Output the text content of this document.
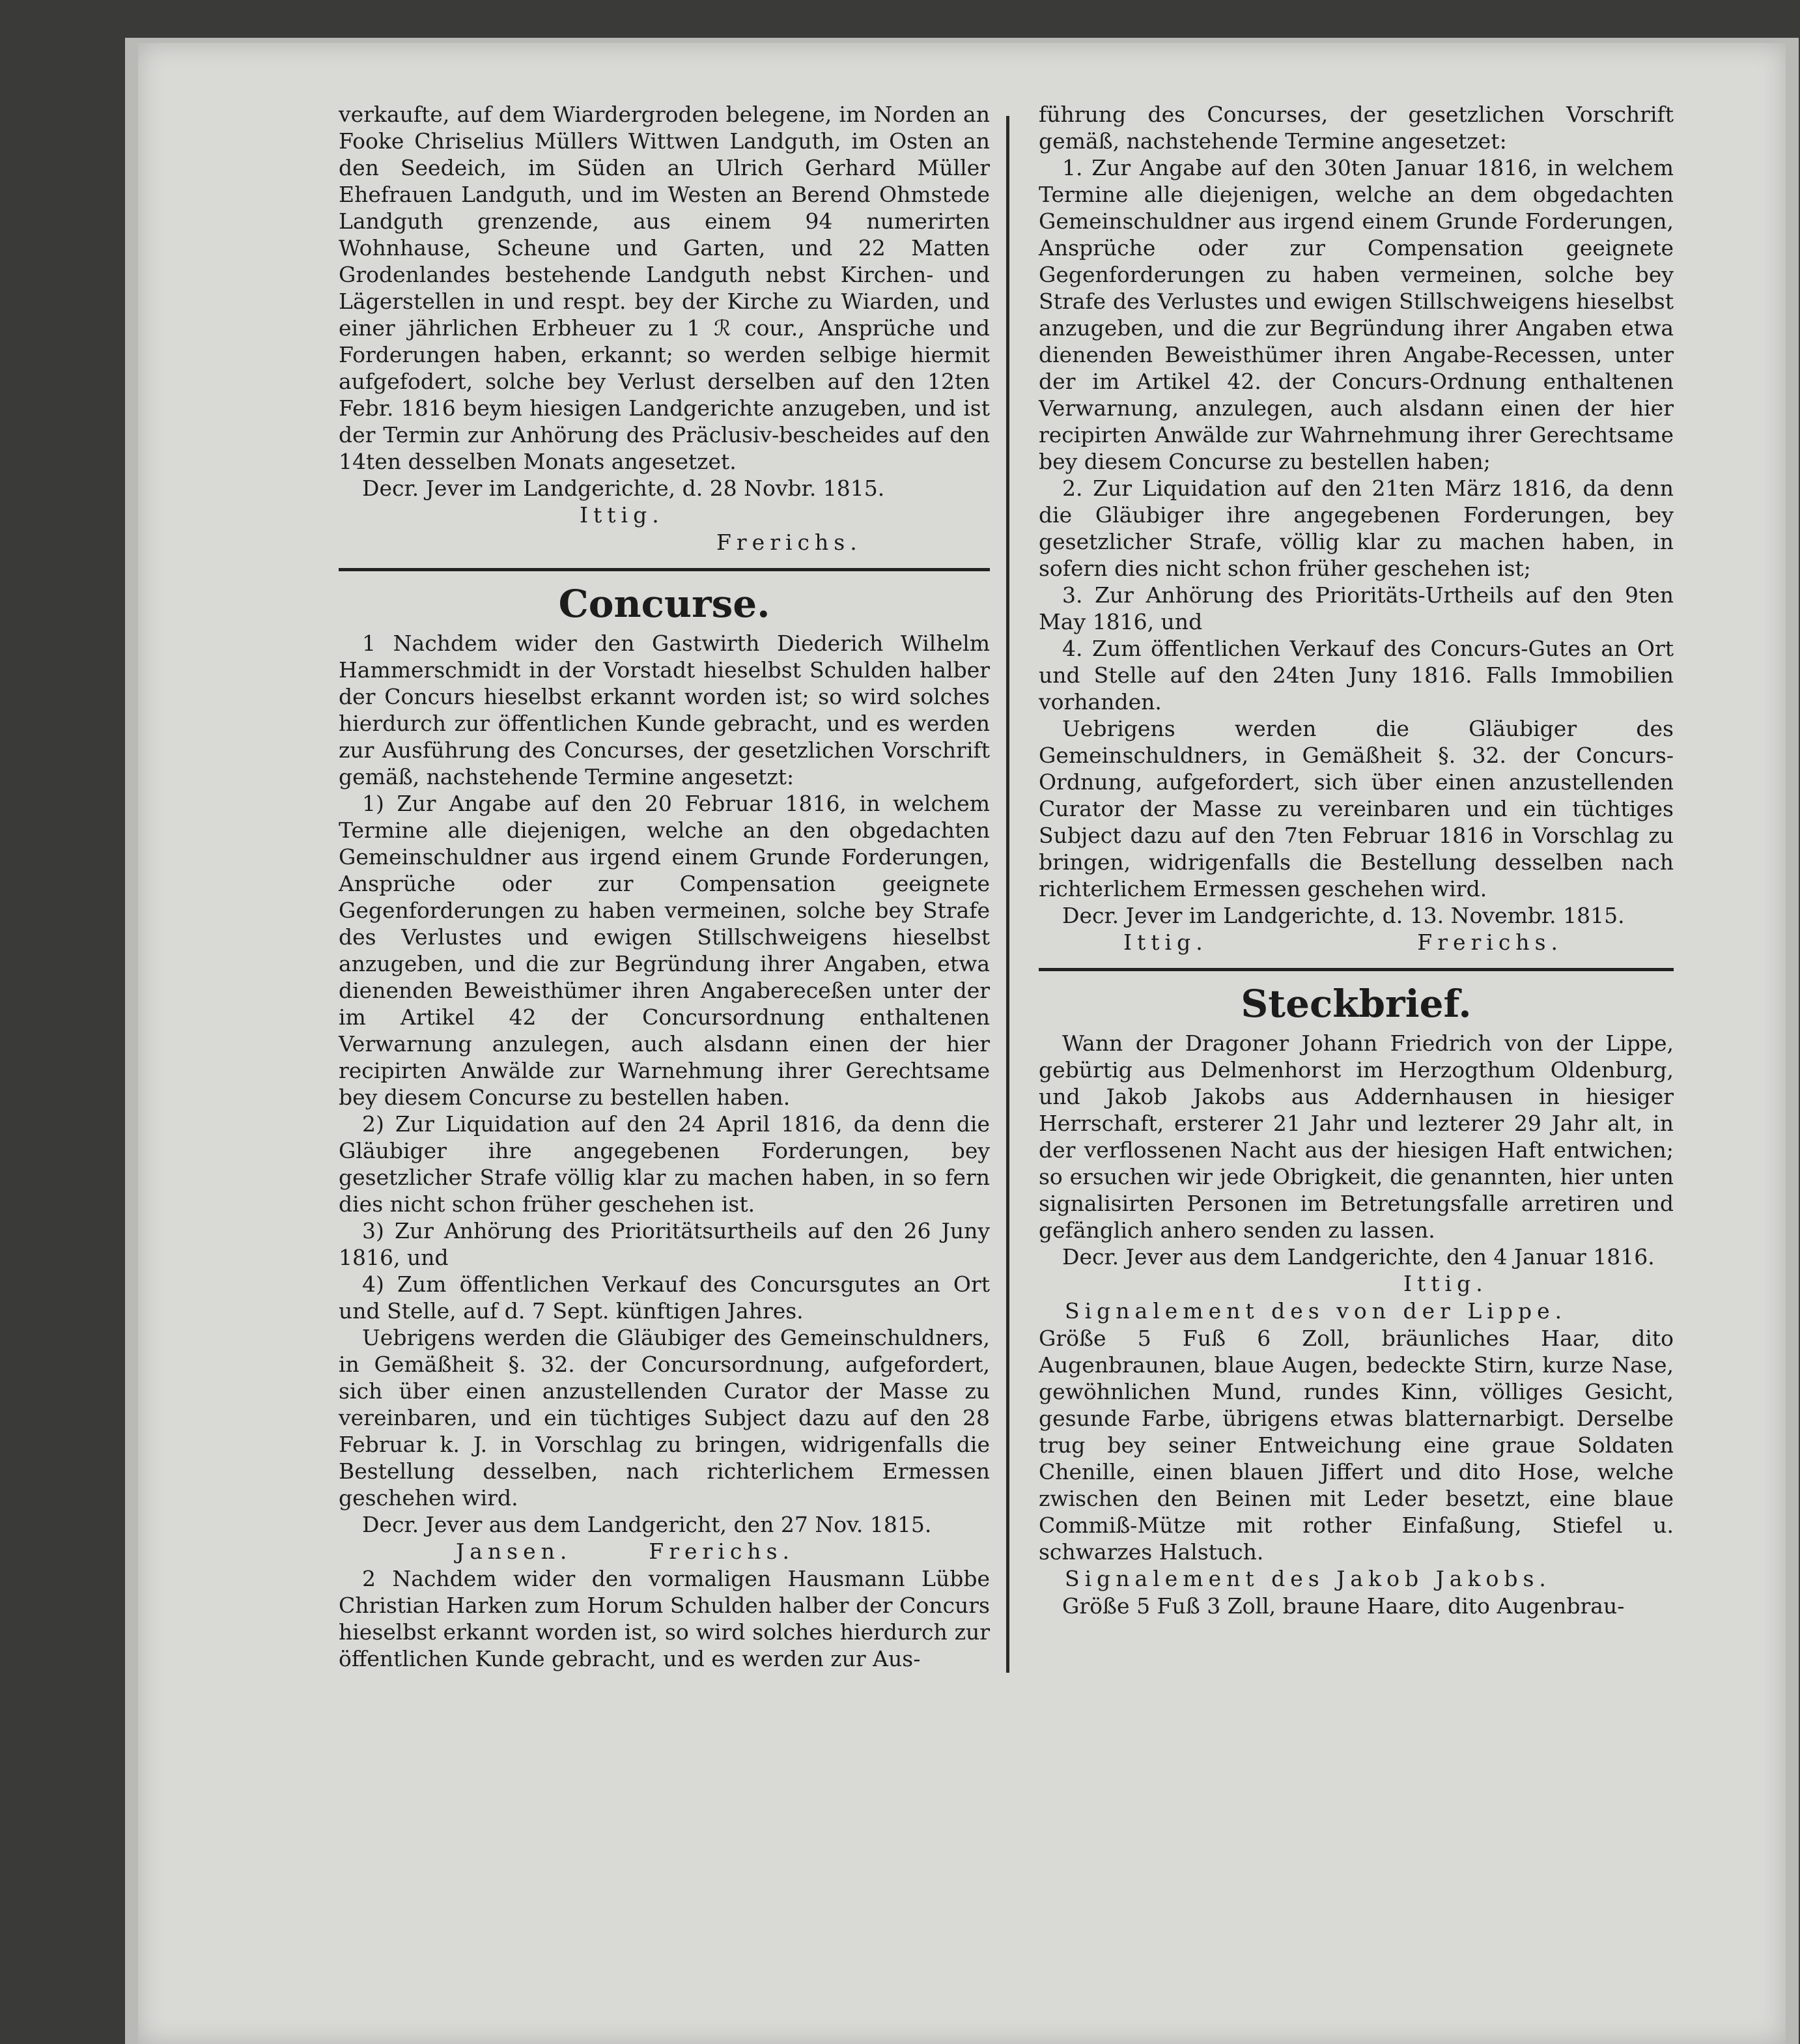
verkaufte, auf dem Wiardergroden belegene, im Norden an Fooke Chriselius Müllers Wittwen Landguth, im Osten an den Seedeich, im Süden an Ulrich Gerhard Müller Ehefrauen Landguth, und im Westen an Berend Ohmstede Landguth grenzende, aus einem 94 numerirten Wohnhause, Scheune und Garten, und 22 Matten Grodenlandes bestehende Landguth nebst Kirchen- und Lägerstellen in und respt. bey der Kirche zu Wiarden, und einer jährlichen Erbheuer zu 1 ℛ cour., Ansprüche und Forderungen haben, erkannt; so werden selbige hiermit aufgefodert, solche bey Verlust derselben auf den 12ten Febr. 1816 beym hiesigen Landgerichte anzugeben, und ist der Termin zur Anhörung des Präclusiv-bescheides auf den 14ten desselben Monats angesetzet.

Decr. Jever im Landgerichte, d. 28 Novbr. 1815.

Ittig.
Frerichs.
Concurse.

1 Nachdem wider den Gastwirth Diederich Wilhelm Hammerschmidt in der Vorstadt hieselbst Schulden halber der Concurs hieselbst erkannt worden ist; so wird solches hierdurch zur öffentlichen Kunde gebracht, und es werden zur Ausführung des Concurses, der gesetzlichen Vorschrift gemäß, nachstehende Termine angesetzt:

1) Zur Angabe auf den 20 Februar 1816, in welchem Termine alle diejenigen, welche an den obgedachten Gemeinschuldner aus irgend einem Grunde Forderungen, Ansprüche oder zur Compensation geeignete Gegenforderungen zu haben vermeinen, solche bey Strafe des Verlustes und ewigen Stillschweigens hieselbst anzugeben, und die zur Begründung ihrer Angaben, etwa dienenden Beweisthümer ihren Angabereceßen unter der im Artikel 42 der Concursordnung enthaltenen Verwarnung anzulegen, auch alsdann einen der hier recipirten Anwälde zur Warnehmung ihrer Gerechtsame bey diesem Concurse zu bestellen haben.

2) Zur Liquidation auf den 24 April 1816, da denn die Gläubiger ihre angegebenen Forderungen, bey gesetzlicher Strafe völlig klar zu machen haben, in so fern dies nicht schon früher geschehen ist.

3) Zur Anhörung des Prioritätsurtheils auf den 26 Juny 1816, und

4) Zum öffentlichen Verkauf des Concursgutes an Ort und Stelle, auf d. 7 Sept. künftigen Jahres.

Uebrigens werden die Gläubiger des Gemeinschuldners, in Gemäßheit §. 32. der Concursordnung, aufgefordert, sich über einen anzustellenden Curator der Masse zu vereinbaren, und ein tüchtiges Subject dazu auf den 28 Februar k. J. in Vorschlag zu bringen, widrigenfalls die Bestellung desselben, nach richterlichem Ermessen geschehen wird.

Decr. Jever aus dem Landgericht, den 27 Nov. 1815.

Jansen.	Frerichs.

2 Nachdem wider den vormaligen Hausmann Lübbe Christian Harken zum Horum Schulden halber der Concurs hieselbst erkannt worden ist, so wird solches hierdurch zur öffentlichen Kunde gebracht, und es werden zur Aus-

führung des Concurses, der gesetzlichen Vorschrift gemäß, nachstehende Termine angesetzet:

1. Zur Angabe auf den 30ten Januar 1816, in welchem Termine alle diejenigen, welche an dem obgedachten Gemeinschuldner aus irgend einem Grunde Forderungen, Ansprüche oder zur Compensation geeignete Gegenforderungen zu haben vermeinen, solche bey Strafe des Verlustes und ewigen Stillschweigens hieselbst anzugeben, und die zur Begründung ihrer Angaben etwa dienenden Beweisthümer ihren Angabe-Recessen, unter der im Artikel 42. der Concurs-Ordnung enthaltenen Verwarnung, anzulegen, auch alsdann einen der hier recipirten Anwälde zur Wahrnehmung ihrer Gerechtsame bey diesem Concurse zu bestellen haben;

2. Zur Liquidation auf den 21ten März 1816, da denn die Gläubiger ihre angegebenen Forderungen, bey gesetzlicher Strafe, völlig klar zu machen haben, in sofern dies nicht schon früher geschehen ist;

3. Zur Anhörung des Prioritäts-Urtheils auf den 9ten May 1816, und

4. Zum öffentlichen Verkauf des Concurs-Gutes an Ort und Stelle auf den 24ten Juny 1816. Falls Immobilien vorhanden.

Uebrigens werden die Gläubiger des Gemeinschuldners, in Gemäßheit §. 32. der Concurs-Ordnung, aufgefordert, sich über einen anzustellenden Curator der Masse zu vereinbaren und ein tüchtiges Subject dazu auf den 7ten Februar 1816 in Vorschlag zu bringen, widrigenfalls die Bestellung desselben nach richterlichem Ermessen geschehen wird.

Decr. Jever im Landgerichte, d. 13. Novembr. 1815.

Ittig.	Frerichs.
Steckbrief.

Wann der Dragoner Johann Friedrich von der Lippe, gebürtig aus Delmenhorst im Herzogthum Oldenburg, und Jakob Jakobs aus Addernhausen in hiesiger Herrschaft, ersterer 21 Jahr und lezterer 29 Jahr alt, in der verflossenen Nacht aus der hiesigen Haft entwichen; so ersuchen wir jede Obrigkeit, die genannten, hier unten signalisirten Personen im Betretungsfalle arretiren und gefänglich anhero senden zu lassen.

Decr. Jever aus dem Landgerichte, den 4 Januar 1816.

Ittig.
Signalement des von der Lippe.

Größe 5 Fuß 6 Zoll, bräunliches Haar, dito Augenbraunen, blaue Augen, bedeckte Stirn, kurze Nase, gewöhnlichen Mund, rundes Kinn, völliges Gesicht, gesunde Farbe, übrigens etwas blatternarbigt. Derselbe trug bey seiner Entweichung eine graue Soldaten Chenille, einen blauen Jiffert und dito Hose, welche zwischen den Beinen mit Leder besetzt, eine blaue Commiß-Mütze mit rother Einfaßung, Stiefel u. schwarzes Halstuch.

Signalement des Jakob Jakobs.

Größe 5 Fuß 3 Zoll, braune Haare, dito Augenbrau-
